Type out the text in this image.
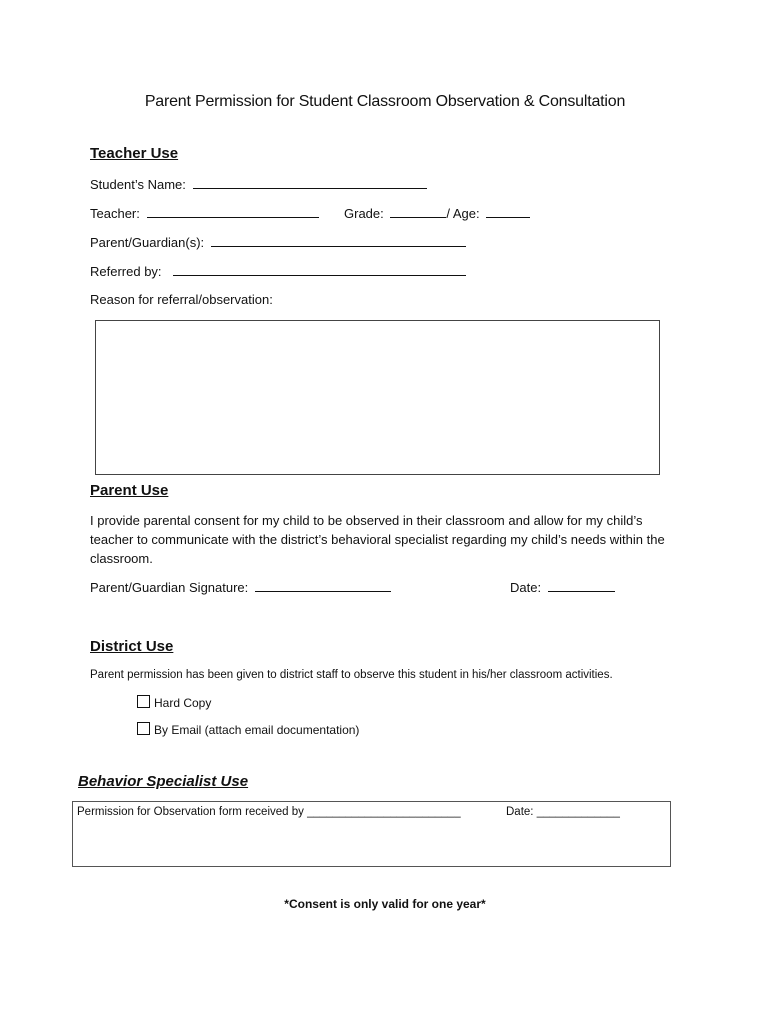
Parent Permission for Student Classroom Observation & Consultation
Teacher Use
Student’s Name:
Teacher:	Grade:	/ Age:
Parent/Guardian(s):
Referred by:
Reason for referral/observation:
Parent Use
I provide parental consent for my child to be observed in their classroom and allow for my child’s teacher to communicate with the district’s behavioral specialist regarding my child’s needs within the classroom.
Parent/Guardian Signature:	Date:
District Use
Parent permission has been given to district staff to observe this student in his/her classroom activities.
Hard Copy
By Email (attach email documentation)
Behavior Specialist Use
Permission for Observation form received by ________________________	Date: _____________
*Consent is only valid for one year*
